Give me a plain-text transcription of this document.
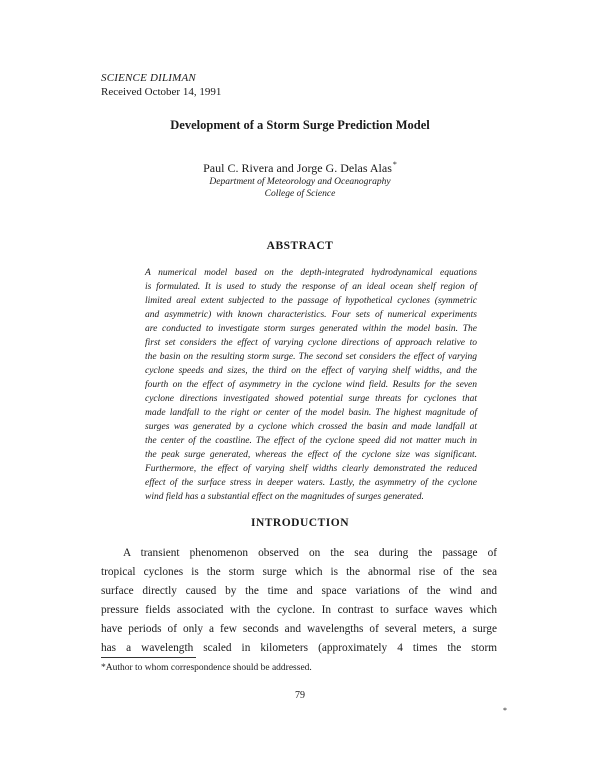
SCIENCE DILIMAN
Received October 14, 1991
Development of a Storm Surge Prediction Model
Paul C. Rivera and Jorge G. Delas Alas*
Department of Meteorology and Oceanography
College of Science
ABSTRACT
A numerical model based on the depth-integrated hydrodynamical equations
is formulated. It is used to study the response of an ideal ocean shelf region of
limited areal extent subjected to the passage of hypothetical cyclones (symmetric
and asymmetric) with known characteristics. Four sets of numerical experiments
are conducted to investigate storm surges generated within the model basin. The
first set considers the effect of varying cyclone directions of approach relative to
the basin on the resulting storm surge. The second set considers the effect of varying
cyclone speeds and sizes, the third on the effect of varying shelf widths, and the
fourth on the effect of asymmetry in the cyclone wind field. Results for the seven
cyclone directions investigated showed potential surge threats for cyclones that
made landfall to the right or center of the model basin. The highest magnitude of
surges was generated by a cyclone which crossed the basin and made landfall at
the center of the coastline. The effect of the cyclone speed did not matter much in
the peak surge generated, whereas the effect of the cyclone size was significant.
Furthermore, the effect of varying shelf widths clearly demonstrated the reduced
effect of the surface stress in deeper waters. Lastly, the asymmetry of the cyclone
wind field has a substantial effect on the magnitudes of surges generated.
INTRODUCTION
A transient phenomenon observed on the sea during the passage of
tropical cyclones is the storm surge which is the abnormal rise of the sea
surface directly caused by the time and space variations of the wind and
pressure fields associated with the cyclone. In contrast to surface waves which
have periods of only a few seconds and wavelengths of several meters, a surge
has a wavelength scaled in kilometers (approximately 4 times the storm
*Author to whom correspondence should be addressed.
79
*
